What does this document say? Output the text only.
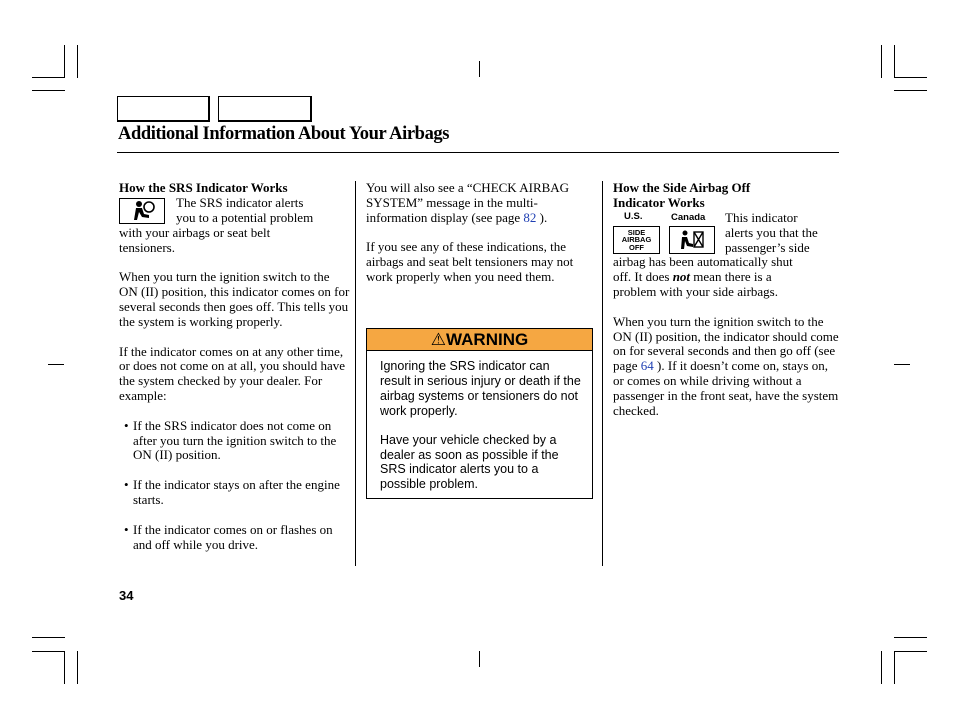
Additional Information About Your Airbags

How the SRS Indicator Works

The SRS indicator alerts

you to a potential problem

with your airbags or seat belt

tensioners.

When you turn the ignition switch to the ON (II) position, this indicator comes on for several seconds then goes off. This tells you the system is working properly.

If the indicator comes on at any other time, or does not come on at all, you should have the system checked by your dealer. For example:

• If the SRS indicator does not come on after you turn the ignition switch to the ON (II) position.

• If the indicator stays on after the engine starts.

• If the indicator comes on or flashes on and off while you drive.

You will also see a “CHECK AIRBAG SYSTEM” message in the multi-information display (see page 82 ).

If you see any of these indications, the airbags and seat belt tensioners may not work properly when you need them.

⚠WARNING

Ignoring the SRS indicator can result in serious injury or death if the airbag systems or tensioners do not work properly.

Have your vehicle checked by a dealer as soon as possible if the SRS indicator alerts you to a possible problem.

How the Side Airbag Off

Indicator Works

U.S.	Canada
SIDE
AIRBAG
OFF

This indicator

alerts you that the

passenger’s side

airbag has been automatically shut

off. It does not mean there is a

problem with your side airbags.

When you turn the ignition switch to the ON (II) position, the indicator should come on for several seconds and then go off (see page 64 ). If it doesn’t come on, stays on, or comes on while driving without a passenger in the front seat, have the system checked.

34
